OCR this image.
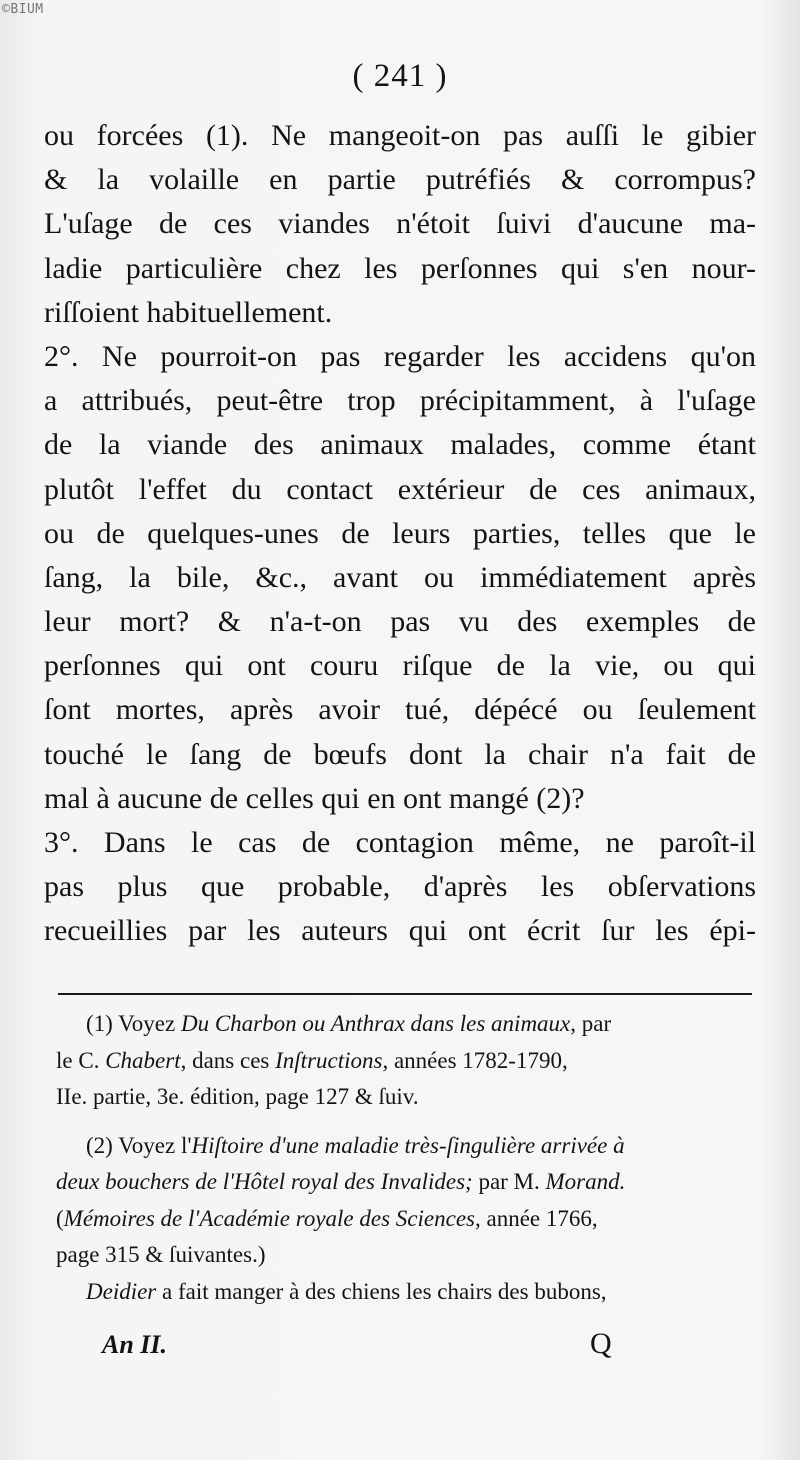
©BIUM
( 241 )
ou forcées (1). Ne mangeoit-on pas auſſi le gibier
& la volaille en partie putréfiés & corrompus?
L'uſage de ces viandes n'étoit ſuivi d'aucune ma-
ladie particulière chez les perſonnes qui s'en nour-
riſſoient habituellement.
2°. Ne pourroit-on pas regarder les accidens qu'on
a attribués, peut-être trop précipitamment, à l'uſage
de la viande des animaux malades, comme étant
plutôt l'effet du contact extérieur de ces animaux,
ou de quelques-unes de leurs parties, telles que le
ſang, la bile, &c., avant ou immédiatement après
leur mort? & n'a-t-on pas vu des exemples de
perſonnes qui ont couru riſque de la vie, ou qui
ſont mortes, après avoir tué, dépécé ou ſeulement
touché le ſang de bœufs dont la chair n'a fait de
mal à aucune de celles qui en ont mangé (2)?
3°. Dans le cas de contagion même, ne paroît-il
pas plus que probable, d'après les obſervations
recueillies par les auteurs qui ont écrit ſur les épi-
(1) Voyez Du Charbon ou Anthrax dans les animaux, par
le C. Chabert, dans ces Inſtructions, années 1782-1790,
IIe. partie, 3e. édition, page 127 & ſuiv.
(2) Voyez l'Hiſtoire d'une maladie très-ſingulière arrivée à
deux bouchers de l'Hôtel royal des Invalides; par M. Morand.
(Mémoires de l'Académie royale des Sciences, année 1766,
page 315 & ſuivantes.)
Deidier a fait manger à des chiens les chairs des bubons,
An II.	Q
